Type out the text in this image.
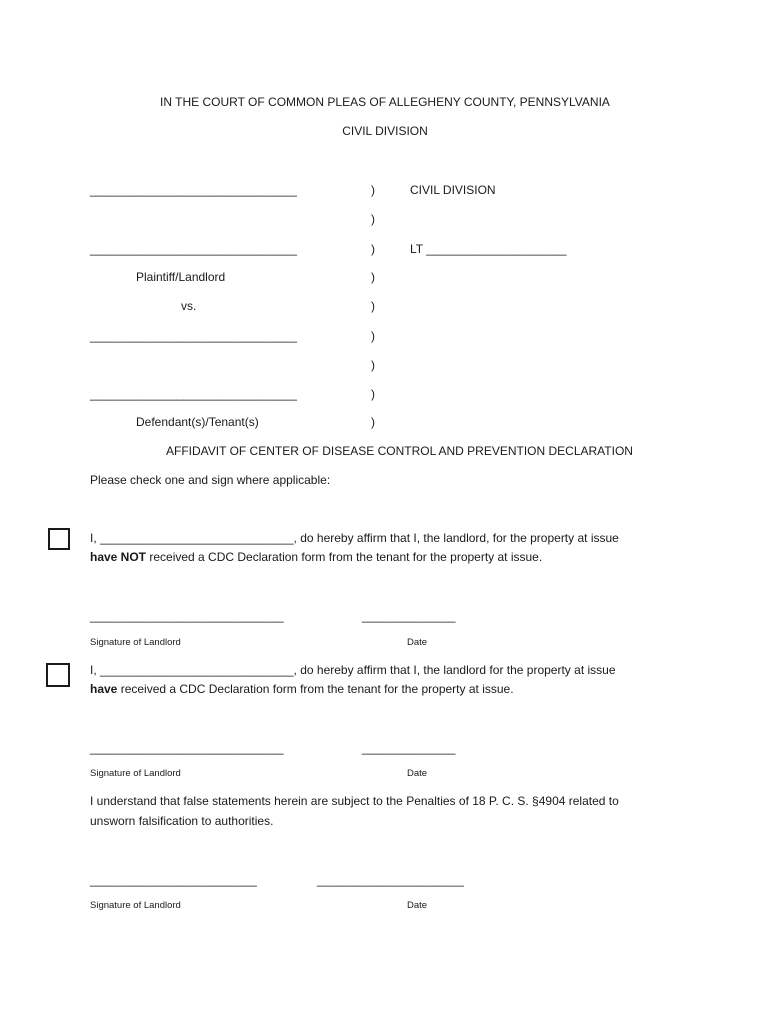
IN THE COURT OF COMMON PLEAS OF ALLEGHENY COUNTY, PENNSYLVANIA
CIVIL DIVISION
_______________________________
_______________________________
Plaintiff/Landlord
vs.
_______________________________
_______________________________
Defendant(s)/Tenant(s)
)
)
)
)
)
)
)
)
)
CIVIL DIVISION
LT _____________________
AFFIDAVIT OF CENTER OF DISEASE CONTROL AND PREVENTION DECLARATION
Please check one and sign where applicable:
I, _____________________________, do hereby affirm that I, the landlord, for the property at issue
have NOT received a CDC Declaration form from the tenant for the property at issue.
_____________________________	______________
Signature of Landlord	Date
I, _____________________________, do hereby affirm that I, the landlord for the property at issue
have received a CDC Declaration form from the tenant for the property at issue.
_____________________________	______________
Signature of Landlord	Date
I understand that false statements herein are subject to the Penalties of 18 P. C. S. §4904 related to
unsworn falsification to authorities.
_________________________	______________________
Signature of Landlord	Date
